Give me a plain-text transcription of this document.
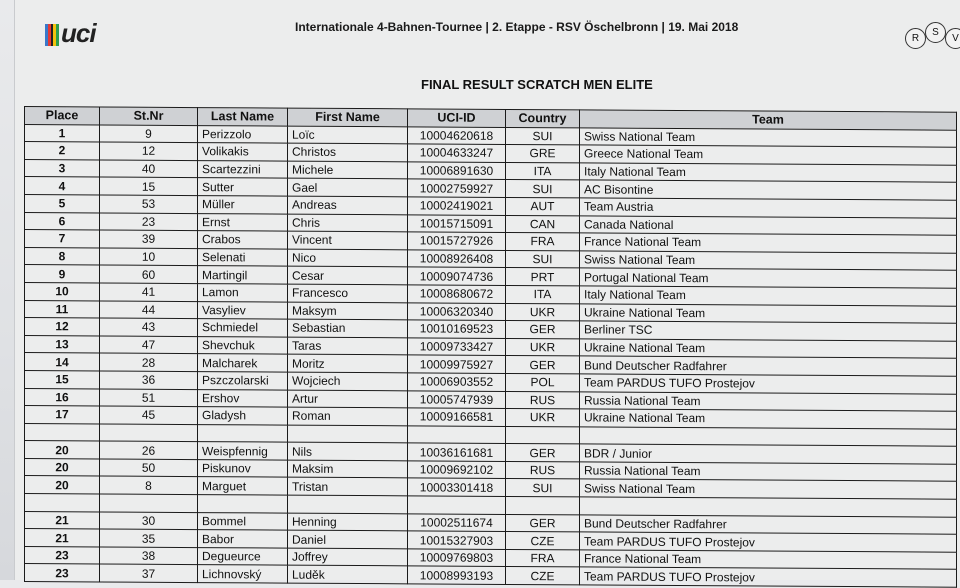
uci	Internationale 4-Bahnen-Tournee | 2. Etappe - RSV Öschelbronn | 19. Mai 2018
R
S
V
FINAL RESULT SCRATCH MEN ELITE
Place	St.Nr	Last Name	First Name	UCI-ID	Country	Team
1	9	Perizzolo	Loïc	10004620618	SUI	Swiss National Team
2	12	Volikakis	Christos	10004633247	GRE	Greece National Team
3	40	Scartezzini	Michele	10006891630	ITA	Italy National Team
4	15	Sutter	Gael	10002759927	SUI	AC Bisontine
5	53	Müller	Andreas	10002419021	AUT	Team Austria
6	23	Ernst	Chris	10015715091	CAN	Canada National
7	39	Crabos	Vincent	10015727926	FRA	France National Team
8	10	Selenati	Nico	10008926408	SUI	Swiss National Team
9	60	Martingil	Cesar	10009074736	PRT	Portugal National Team
10	41	Lamon	Francesco	10008680672	ITA	Italy National Team
11	44	Vasyliev	Maksym	10006320340	UKR	Ukraine National Team
12	43	Schmiedel	Sebastian	10010169523	GER	Berliner TSC
13	47	Shevchuk	Taras	10009733427	UKR	Ukraine National Team
14	28	Malcharek	Moritz	10009975927	GER	Bund Deutscher Radfahrer
15	36	Pszczolarski	Wojciech	10006903552	POL	Team PARDUS TUFO Prostejov
16	51	Ershov	Artur	10005747939	RUS	Russia National Team
17	45	Gladysh	Roman	10009166581	UKR	Ukraine National Team

20	26	Weispfennig	Nils	10036161681	GER	BDR / Junior
20	50	Piskunov	Maksim	10009692102	RUS	Russia National Team
20	8	Marguet	Tristan	10003301418	SUI	Swiss National Team

21	30	Bommel	Henning	10002511674	GER	Bund Deutscher Radfahrer
21	35	Babor	Daniel	10015327903	CZE	Team PARDUS TUFO Prostejov
23	38	Degueurce	Joffrey	10009769803	FRA	France National Team
23	37	Lichnovský	Luděk	10008993193	CZE	Team PARDUS TUFO Prostejov
